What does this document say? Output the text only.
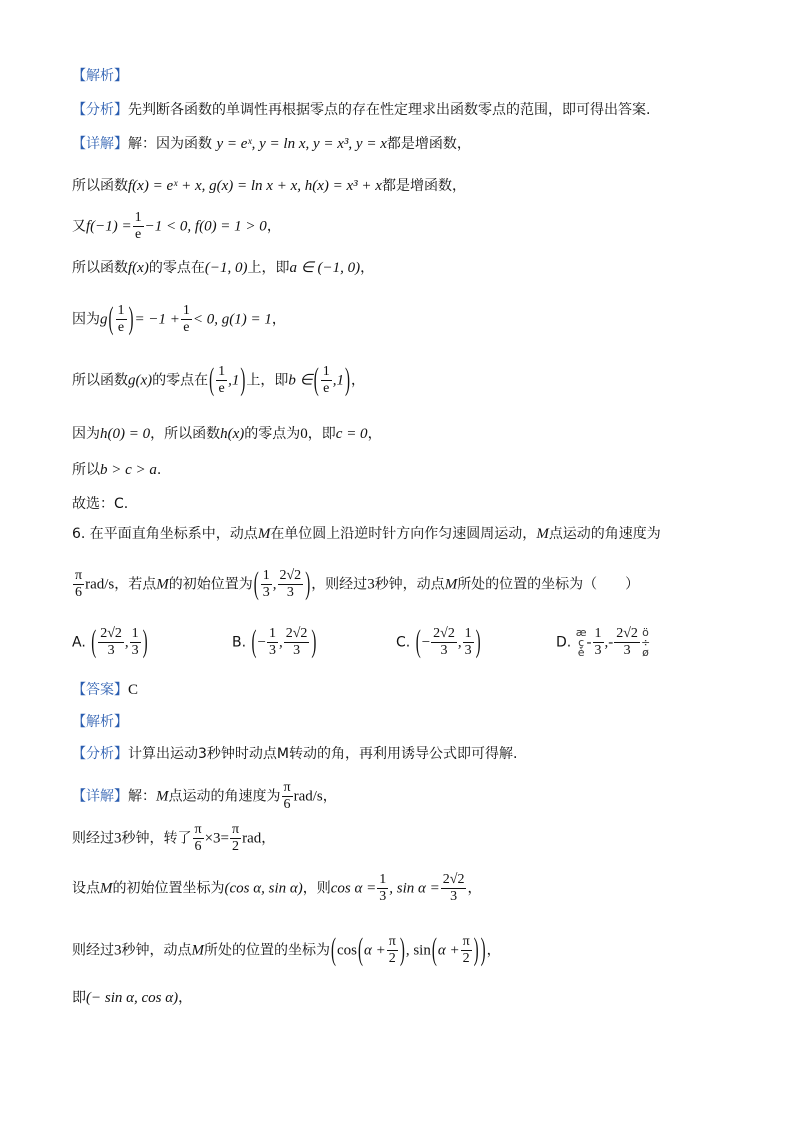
【解析】
【分析】先判断各函数的单调性再根据零点的存在性定理求出函数零点的范围，即可得出答案.
【详解】解：因为函数 y = eˣ, y = ln x, y = x³, y = x都是增函数，
所以函数f(x) = eˣ + x, g(x) = ln x + x, h(x) = x³ + x都是增函数，
又$f(-1) = \frac{1}{e} -1 < 0$, f(0) = 1 > 0，
所以函数f(x)的零点在(−1, 0)上，即a ∈ (−1, 0)，
因为$g( \frac{1}{e}$ )= $-1 + \frac{1}{e} < 0$, g(1) = 1，
所以函数g(x)的零点在( $\frac{1}{e} ,1$)上，即b ∈( $\frac{1}{e} ,1$)，
因为h(0) = 0，所以函数h(x)的零点为0，即c = 0，
所以b > c > a.
故选：C.
6. 在平面直角坐标系中，动点M在单位圆上沿逆时针方向作匀速圆周运动，M点运动的角速度为
$\frac{\pi}{6} rad/s$，若点M的初始位置为( $\frac{1}{3}$ , $\frac{2√2}{3}$ )，则经过3秒钟，动点M所处的位置的坐标为（　　）
A. ( $\frac{2√2}{3}$ , $\frac{1}{3}$ )	B. (− $\frac{1}{3}$ , $\frac{2√2}{3}$ )	C. (− $\frac{2√2}{3}$ , $\frac{1}{3}$ )	D. æ
ç
è- $\frac{1}{3}$ ,- $\frac{2√2}{3}$ ö
÷
ø
【答案】C
【解析】
【分析】计算出运动3秒钟时动点M转动的角，再利用诱导公式即可得解.
【详解】解：M点运动的角速度为 $\frac{\pi}{6} rad/s$，
则经过3秒钟，转了 $\frac{\pi}{6} \times 3= \frac{\pi}{2}$ rad，
设点M的初始位置坐标为(cos α, sin α)，则$\cos \alpha = \frac{1}{3}$ , $\sin \alpha = \frac{2√2}{3}$ ，
则经过3秒钟，动点M所处的位置的坐标为($\cos(\alpha + \frac{\pi}{2}$ ), $\sin(\alpha + \frac{\pi}{2}$ ) )，
即(− sin α, cos α)，
